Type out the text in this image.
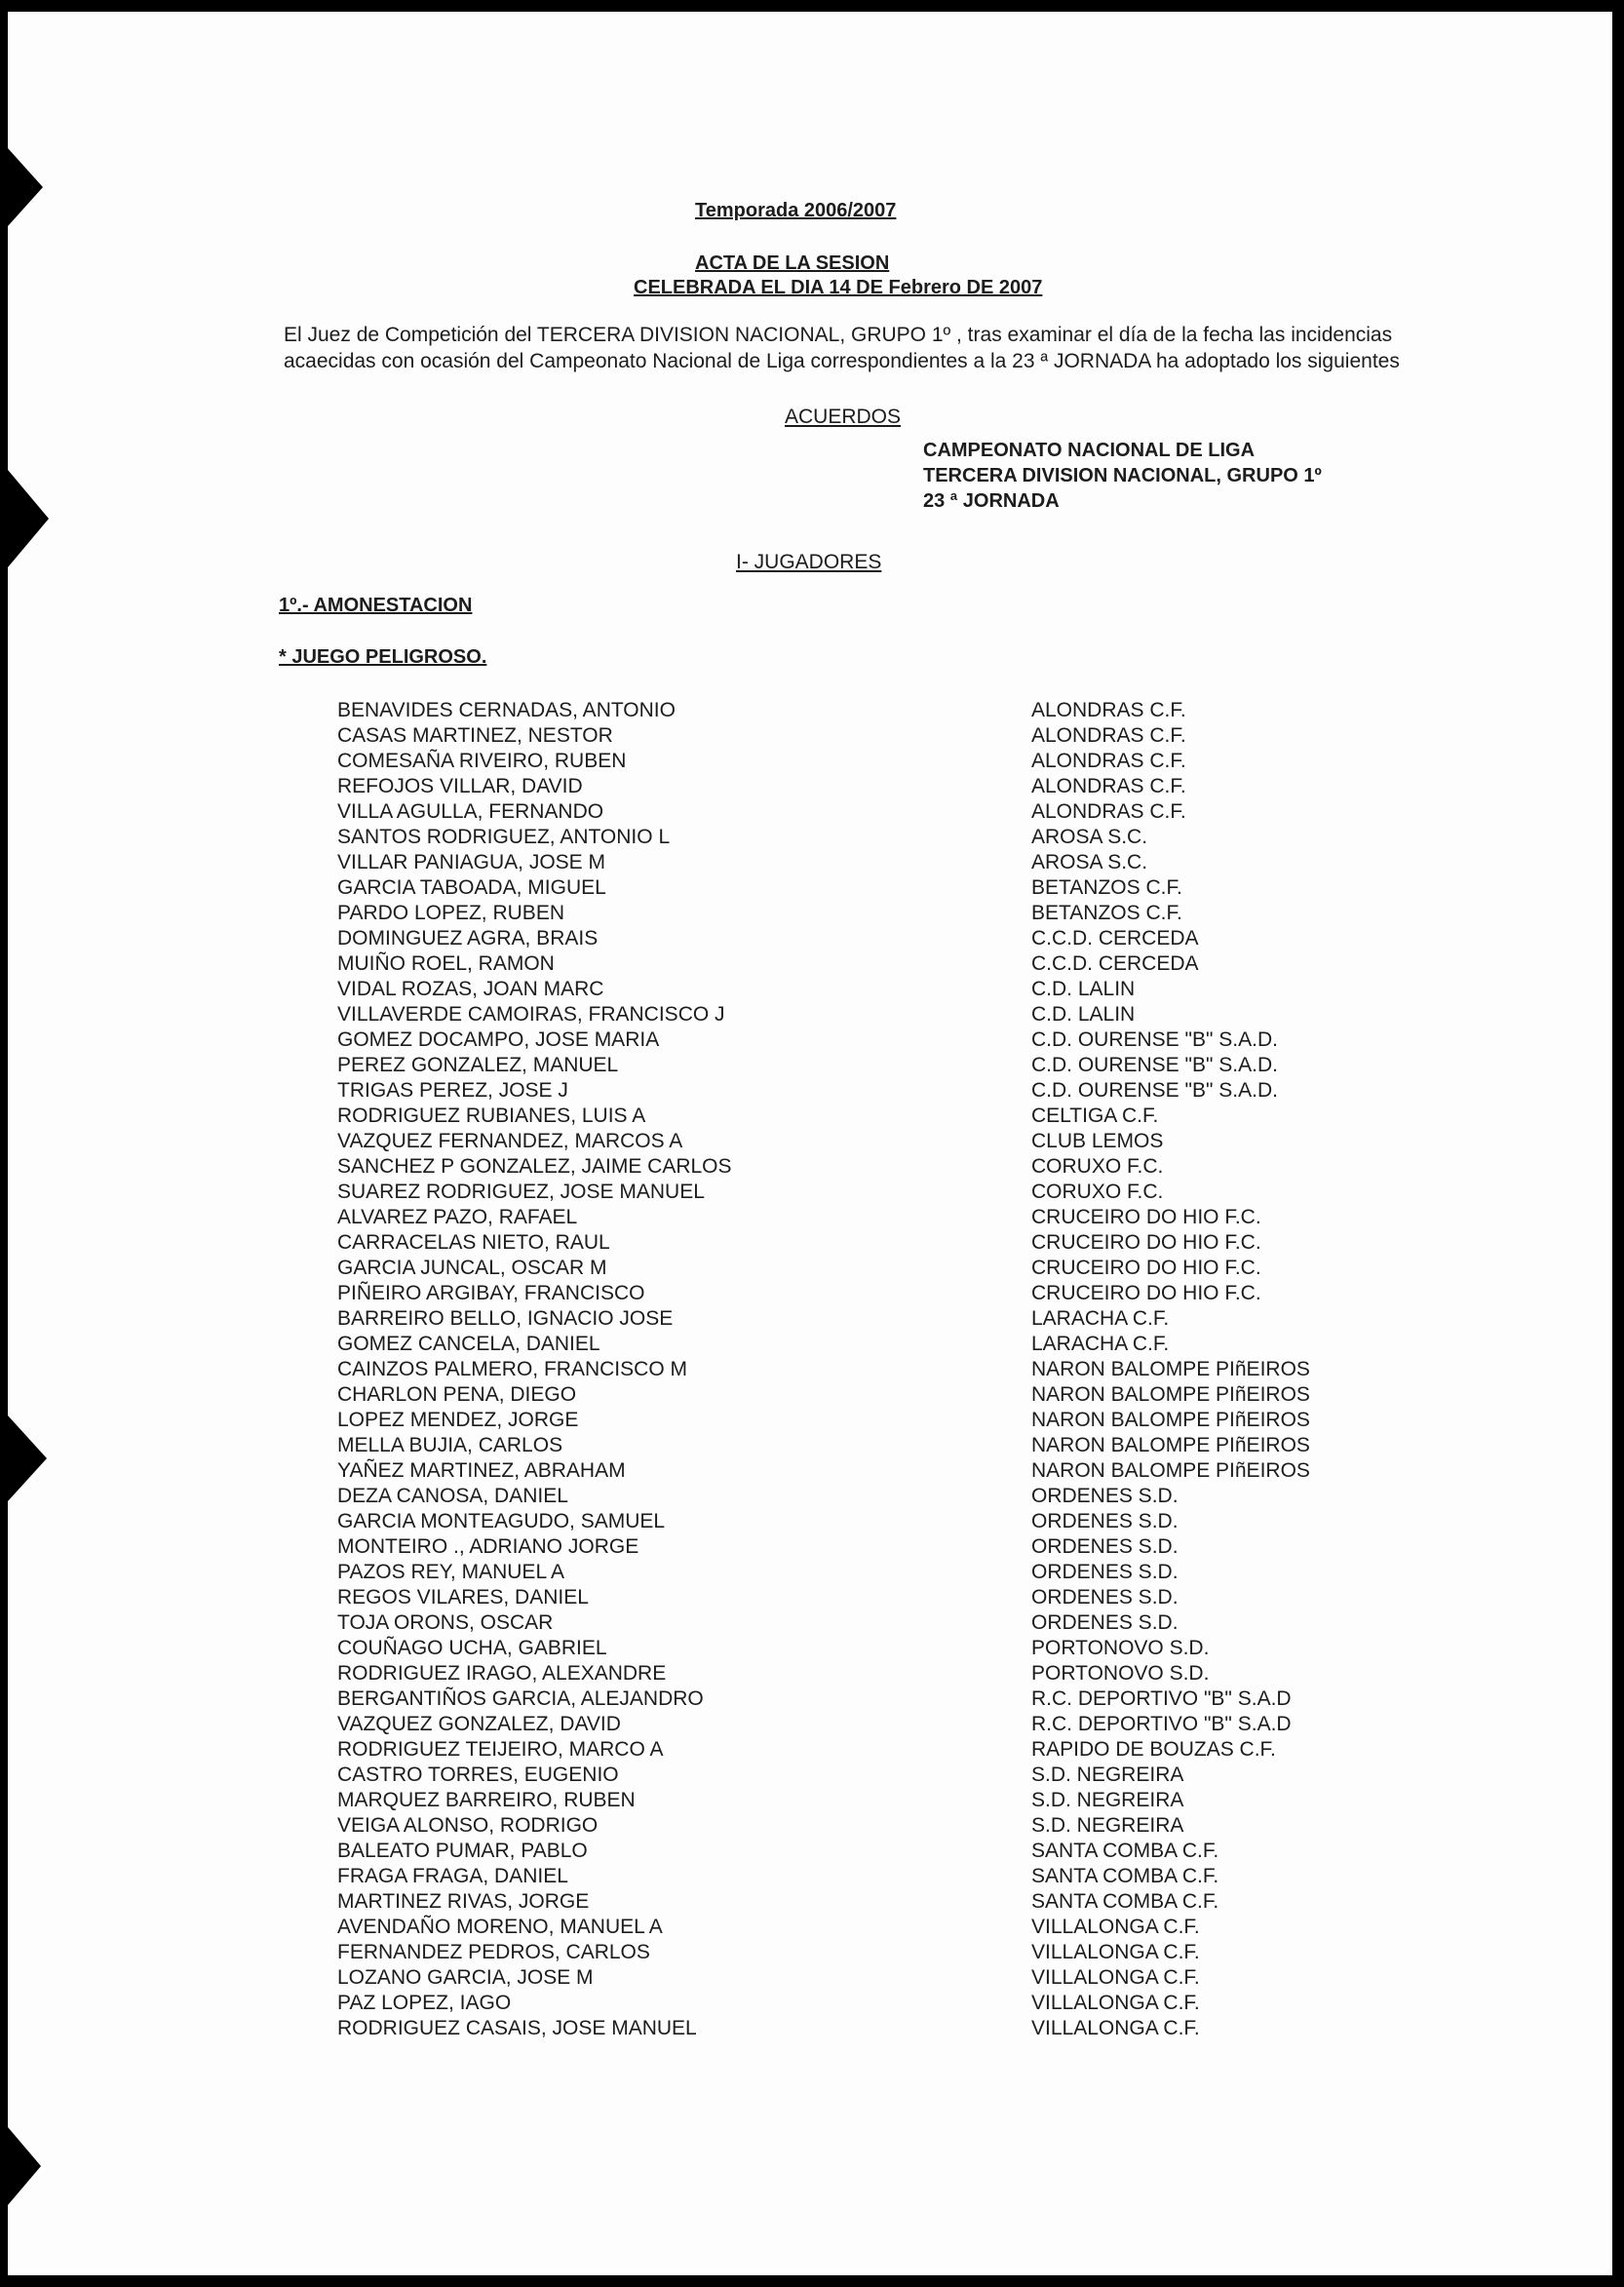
Temporada 2006/2007
ACTA DE LA SESION
CELEBRADA EL DIA 14 DE Febrero DE 2007
El Juez de Competición del TERCERA DIVISION NACIONAL, GRUPO 1º , tras examinar el día de la fecha las incidencias
acaecidas con ocasión del Campeonato Nacional de Liga correspondientes a la 23 ª JORNADA ha adoptado los siguientes
ACUERDOS
CAMPEONATO NACIONAL DE LIGA
TERCERA DIVISION NACIONAL, GRUPO 1º
23 ª JORNADA
I- JUGADORES
1º.- AMONESTACION
* JUEGO PELIGROSO.
BENAVIDES CERNADAS, ANTONIO
CASAS MARTINEZ, NESTOR
COMESAÑA RIVEIRO, RUBEN
REFOJOS VILLAR, DAVID
VILLA AGULLA, FERNANDO
SANTOS RODRIGUEZ, ANTONIO L
VILLAR PANIAGUA, JOSE M
GARCIA TABOADA, MIGUEL
PARDO LOPEZ, RUBEN
DOMINGUEZ AGRA, BRAIS
MUIÑO ROEL, RAMON
VIDAL ROZAS, JOAN MARC
VILLAVERDE CAMOIRAS, FRANCISCO J
GOMEZ DOCAMPO, JOSE MARIA
PEREZ GONZALEZ, MANUEL
TRIGAS PEREZ, JOSE J
RODRIGUEZ RUBIANES, LUIS A
VAZQUEZ FERNANDEZ, MARCOS A
SANCHEZ P GONZALEZ, JAIME CARLOS
SUAREZ RODRIGUEZ, JOSE MANUEL
ALVAREZ PAZO, RAFAEL
CARRACELAS NIETO, RAUL
GARCIA JUNCAL, OSCAR M
PIÑEIRO ARGIBAY, FRANCISCO
BARREIRO BELLO, IGNACIO JOSE
GOMEZ CANCELA, DANIEL
CAINZOS PALMERO, FRANCISCO M
CHARLON PENA, DIEGO
LOPEZ MENDEZ, JORGE
MELLA BUJIA, CARLOS
YAÑEZ MARTINEZ, ABRAHAM
DEZA CANOSA, DANIEL
GARCIA MONTEAGUDO, SAMUEL
MONTEIRO ., ADRIANO JORGE
PAZOS REY, MANUEL A
REGOS VILARES, DANIEL
TOJA ORONS, OSCAR
COUÑAGO UCHA, GABRIEL
RODRIGUEZ IRAGO, ALEXANDRE
BERGANTIÑOS GARCIA, ALEJANDRO
VAZQUEZ GONZALEZ, DAVID
RODRIGUEZ TEIJEIRO, MARCO A
CASTRO TORRES, EUGENIO
MARQUEZ BARREIRO, RUBEN
VEIGA ALONSO, RODRIGO
BALEATO PUMAR, PABLO
FRAGA FRAGA, DANIEL
MARTINEZ RIVAS, JORGE
AVENDAÑO MORENO, MANUEL A
FERNANDEZ PEDROS, CARLOS
LOZANO GARCIA, JOSE M
PAZ LOPEZ, IAGO
RODRIGUEZ CASAIS, JOSE MANUEL
ALONDRAS C.F.
ALONDRAS C.F.
ALONDRAS C.F.
ALONDRAS C.F.
ALONDRAS C.F.
AROSA S.C.
AROSA S.C.
BETANZOS C.F.
BETANZOS C.F.
C.C.D. CERCEDA
C.C.D. CERCEDA
C.D. LALIN
C.D. LALIN
C.D. OURENSE "B" S.A.D.
C.D. OURENSE "B" S.A.D.
C.D. OURENSE "B" S.A.D.
CELTIGA C.F.
CLUB LEMOS
CORUXO F.C.
CORUXO F.C.
CRUCEIRO DO HIO F.C.
CRUCEIRO DO HIO F.C.
CRUCEIRO DO HIO F.C.
CRUCEIRO DO HIO F.C.
LARACHA C.F.
LARACHA C.F.
NARON BALOMPE PIñEIROS
NARON BALOMPE PIñEIROS
NARON BALOMPE PIñEIROS
NARON BALOMPE PIñEIROS
NARON BALOMPE PIñEIROS
ORDENES S.D.
ORDENES S.D.
ORDENES S.D.
ORDENES S.D.
ORDENES S.D.
ORDENES S.D.
PORTONOVO S.D.
PORTONOVO S.D.
R.C. DEPORTIVO "B" S.A.D
R.C. DEPORTIVO "B" S.A.D
RAPIDO DE BOUZAS C.F.
S.D. NEGREIRA
S.D. NEGREIRA
S.D. NEGREIRA
SANTA COMBA C.F.
SANTA COMBA C.F.
SANTA COMBA C.F.
VILLALONGA C.F.
VILLALONGA C.F.
VILLALONGA C.F.
VILLALONGA C.F.
VILLALONGA C.F.
